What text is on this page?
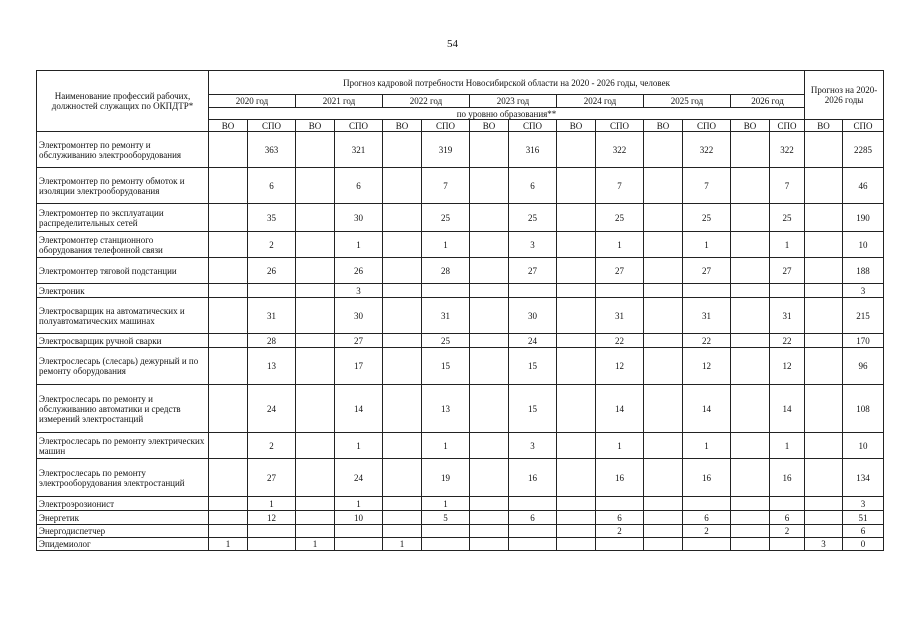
54
Наименование профессий рабочих, должностей служащих по ОКПДТР*	Прогноз кадровой потребности Новосибирской области на 2020 - 2026 годы, человек														Прогноз на 2020-2026 годы	
	2020 год		2021 год		2022 год		2023 год		2024 год		2025 год		2026 год			
	по уровню образования**															
	ВО	СПО	ВО	СПО	ВО	СПО	ВО	СПО	ВО	СПО	ВО	СПО	ВО	СПО	ВО	СПО
Электромонтер по ремонту и обслуживанию электрооборудования		363		321		319		316		322		322		322		2285
Электромонтер по ремонту обмоток и изоляции электрооборудования		6		6		7		6		7		7		7		46
Электромонтер по эксплуатации распределительных сетей		35		30		25		25		25		25		25		190
Электромонтер станционного оборудования телефонной связи		2		1		1		3		1		1		1		10
Электромонтер тяговой подстанции		26		26		28		27		27		27		27		188
Электроник				3												3
Электросварщик на автоматических и полуавтоматических машинах		31		30		31		30		31		31		31		215
Электросварщик ручной сварки		28		27		25		24		22		22		22		170
Электрослесарь (слесарь) дежурный и по ремонту оборудования		13		17		15		15		12		12		12		96
Электрослесарь по ремонту и обслуживанию автоматики и средств измерений электростанций		24		14		13		15		14		14		14		108
Электрослесарь по ремонту электрических машин		2		1		1		3		1		1		1		10
Электрослесарь по ремонту электрооборудования электростанций		27		24		19		16		16		16		16		134
Электроэрозионист		1		1		1										3
Энергетик		12		10		5		6		6		6		6		51
Энергодиспетчер										2		2		2		6
Эпидемиолог	1		1		1										3	0
